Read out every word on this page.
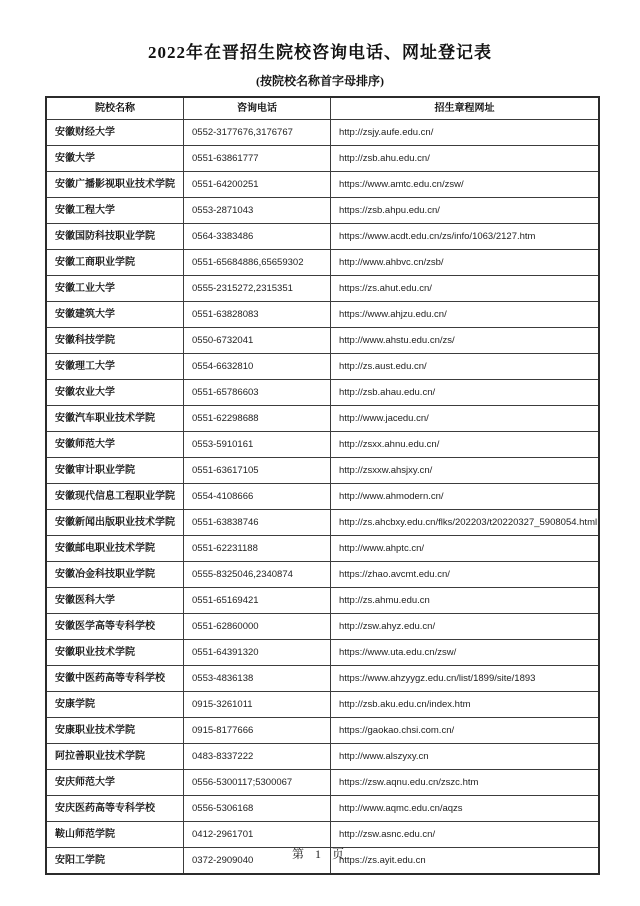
2022年在晋招生院校咨询电话、网址登记表
(按院校名称首字母排序)
院校名称	咨询电话	招生章程网址
安徽财经大学	0552-3177676,3176767	http://zsjy.aufe.edu.cn/
安徽大学	0551-63861777	http://zsb.ahu.edu.cn/
安徽广播影视职业技术学院	0551-64200251	https://www.amtc.edu.cn/zsw/
安徽工程大学	0553-2871043	https://zsb.ahpu.edu.cn/
安徽国防科技职业学院	0564-3383486	https://www.acdt.edu.cn/zs/info/1063/2127.htm
安徽工商职业学院	0551-65684886,65659302	http://www.ahbvc.cn/zsb/
安徽工业大学	0555-2315272,2315351	https://zs.ahut.edu.cn/
安徽建筑大学	0551-63828083	https://www.ahjzu.edu.cn/
安徽科技学院	0550-6732041	http://www.ahstu.edu.cn/zs/
安徽理工大学	0554-6632810	http://zs.aust.edu.cn/
安徽农业大学	0551-65786603	http://zsb.ahau.edu.cn/
安徽汽车职业技术学院	0551-62298688	http://www.jacedu.cn/
安徽师范大学	0553-5910161	http://zsxx.ahnu.edu.cn/
安徽审计职业学院	0551-63617105	http://zsxxw.ahsjxy.cn/
安徽现代信息工程职业学院	0554-4108666	http://www.ahmodern.cn/
安徽新闻出版职业技术学院	0551-63838746	http://zs.ahcbxy.edu.cn/flks/202203/t20220327_5908054.html
安徽邮电职业技术学院	0551-62231188	http://www.ahptc.cn/
安徽冶金科技职业学院	0555-8325046,2340874	https://zhao.avcmt.edu.cn/
安徽医科大学	0551-65169421	http://zs.ahmu.edu.cn
安徽医学高等专科学校	0551-62860000	http://zsw.ahyz.edu.cn/
安徽职业技术学院	0551-64391320	https://www.uta.edu.cn/zsw/
安徽中医药高等专科学校	0553-4836138	https://www.ahzyygz.edu.cn/list/1899/site/1893
安康学院	0915-3261011	http://zsb.aku.edu.cn/index.htm
安康职业技术学院	0915-8177666	https://gaokao.chsi.com.cn/
阿拉善职业技术学院	0483-8337222	http://www.alszyxy.cn
安庆师范大学	0556-5300117;5300067	https://zsw.aqnu.edu.cn/zszc.htm
安庆医药高等专科学校	0556-5306168	http://www.aqmc.edu.cn/aqzs
鞍山师范学院	0412-2961701	http://zsw.asnc.edu.cn/
安阳工学院	0372-2909040	https://zs.ayit.edu.cn
第 1 页
